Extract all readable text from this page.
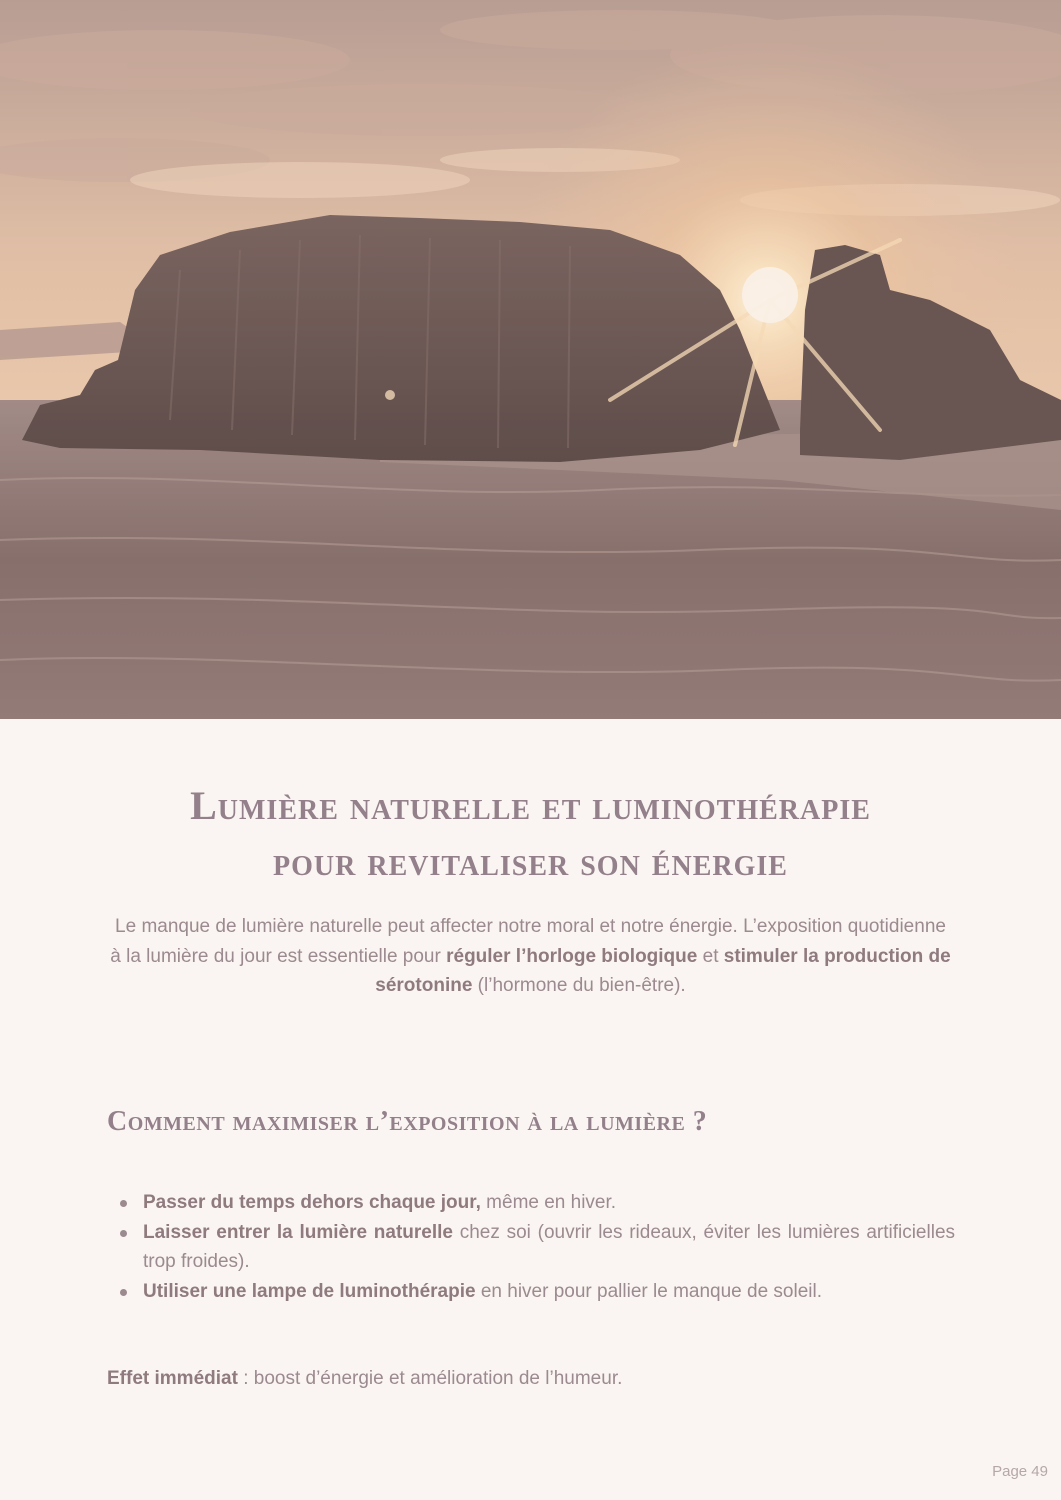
Lumière naturelle et luminothérapie
pour revitaliser son énergie

Le manque de lumière naturelle peut affecter notre moral et notre énergie. L’exposition quotidienne à la lumière du jour est essentielle pour réguler l’horloge biologique et stimuler la production de sérotonine (l’hormone du bien-être).

Comment maximiser l’exposition à la lumière ?
Passer du temps dehors chaque jour, même en hiver.
Laisser entrer la lumière naturelle chez soi (ouvrir les rideaux, éviter les lumières artificielles trop froides).
Utiliser une lampe de luminothérapie en hiver pour pallier le manque de soleil.

Effet immédiat : boost d’énergie et amélioration de l’humeur.

Page 49
